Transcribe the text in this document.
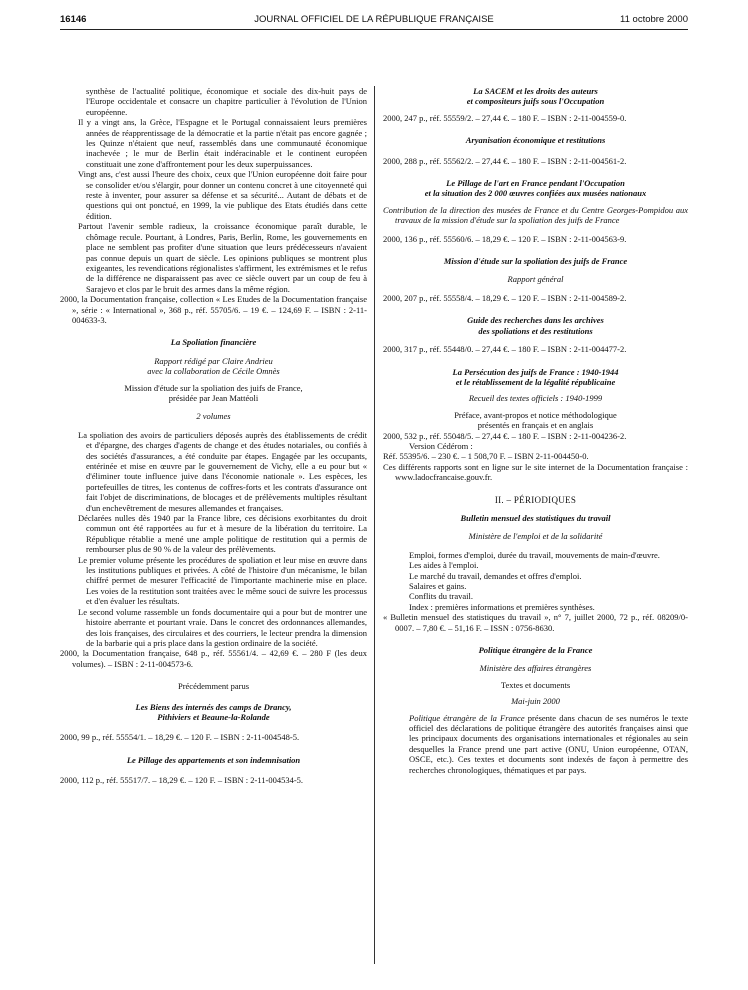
16146	JOURNAL OFFICIEL DE LA RÉPUBLIQUE FRANÇAISE	11 octobre 2000

synthèse de l'actualité politique, économique et sociale des dix-huit pays de l'Europe occidentale et consacre un chapitre particulier à l'évolution de l'Union européenne.

Il y a vingt ans, la Grèce, l'Espagne et le Portugal connaissaient leurs premières années de réapprentissage de la démocratie et la partie n'était pas encore gagnée ; les Quinze n'étaient que neuf, rassemblés dans une communauté économique inachevée ; le mur de Berlin était indéracinable et le continent européen constituait une zone d'affrontement pour les deux superpuissances.

Vingt ans, c'est aussi l'heure des choix, ceux que l'Union européenne doit faire pour se consolider et/ou s'élargir, pour donner un contenu concret à une citoyenneté qui reste à inventer, pour assurer sa défense et sa sécurité... Autant de débats et de questions qui ont ponctué, en 1999, la vie publique des Etats étudiés dans cette édition.

Partout l'avenir semble radieux, la croissance économique paraît durable, le chômage recule. Pourtant, à Londres, Paris, Berlin, Rome, les gouvernements en place ne semblent pas profiter d'une situation que leurs prédécesseurs n'avaient pas connue depuis un quart de siècle. Les opinions publiques se montrent plus exigeantes, les revendications régionalistes s'affirment, les extrémismes et le refus de la différence ne disparaissent pas avec ce siècle ouvert par un coup de feu à Sarajevo et clos par le bruit des armes dans la même région.

2000, la Documentation française, collection « Les Etudes de la Documentation française », série : « International », 368 p., réf. 55705/6. – 19 €. – 124,69 F. – ISBN : 2-11-004633-3.

La Spoliation financière

Rapport rédigé par Claire Andrieu

avec la collaboration de Cécile Omnès

Mission d'étude sur la spoliation des juifs de France,

présidée par Jean Mattéoli

2 volumes

La spoliation des avoirs de particuliers déposés auprès des établissements de crédit et d'épargne, des charges d'agents de change et des études notariales, ou confiés à des sociétés d'assurances, a été conduite par étapes. Engagée par les occupants, entérinée et mise en œuvre par le gouvernement de Vichy, elle a eu pour but « d'éliminer toute influence juive dans l'économie nationale ». Les espèces, les portefeuilles de titres, les contenus de coffres-forts et les contrats d'assurance ont fait l'objet de discriminations, de blocages et de prélèvements multiples résultant d'un enchevêtrement de mesures allemandes et françaises.

Déclarées nulles dès 1940 par la France libre, ces décisions exorbitantes du droit commun ont été rapportées au fur et à mesure de la libération du territoire. La République rétablie a mené une ample politique de restitution qui a permis de rembourser plus de 90 % de la valeur des prélèvements.

Le premier volume présente les procédures de spoliation et leur mise en œuvre dans les institutions publiques et privées. A côté de l'histoire d'un mécanisme, le bilan chiffré permet de mesurer l'efficacité de l'importante machinerie mise en place. Les voies de la restitution sont traitées avec le même souci de suivre les processus et d'en évaluer les résultats.

Le second volume rassemble un fonds documentaire qui a pour but de montrer une histoire aberrante et pourtant vraie. Dans le concret des ordonnances allemandes, des lois françaises, des circulaires et des courriers, le lecteur prendra la dimension de la barbarie qui a pris place dans la gestion ordinaire de la société.

2000, la Documentation française, 648 p., réf. 55561/4. – 42,69 €. – 280 F (les deux volumes). – ISBN : 2-11-004573-6.

Précédemment parus

Les Biens des internés des camps de Drancy,

Pithiviers et Beaune-la-Rolande

2000, 99 p., réf. 55554/1. – 18,29 €. – 120 F. – ISBN : 2-11-004548-5.

Le Pillage des appartements et son indemnisation

2000, 112 p., réf. 55517/7. – 18,29 €. – 120 F. – ISBN : 2-11-004534-5.

La SACEM et les droits des auteurs

et compositeurs juifs sous l'Occupation

2000, 247 p., réf. 55559/2. – 27,44 €. – 180 F. – ISBN : 2-11-004559-0.

Aryanisation économique et restitutions

2000, 288 p., réf. 55562/2. – 27,44 €. – 180 F. – ISBN : 2-11-004561-2.

Le Pillage de l'art en France pendant l'Occupation

et la situation des 2 000 œuvres confiées aux musées nationaux

Contribution de la direction des musées de France et du Centre Georges-Pompidou aux travaux de la mission d'étude sur la spoliation des juifs de France

2000, 136 p., réf. 55560/6. – 18,29 €. – 120 F. – ISBN : 2-11-004563-9.

Mission d'étude sur la spoliation des juifs de France

Rapport général

2000, 207 p., réf. 55558/4. – 18,29 €. – 120 F. – ISBN : 2-11-004589-2.

Guide des recherches dans les archives

des spoliations et des restitutions

2000, 317 p., réf. 55448/0. – 27,44 €. – 180 F. – ISBN : 2-11-004477-2.

La Persécution des juifs de France : 1940-1944

et le rétablissement de la légalité républicaine

Recueil des textes officiels : 1940-1999

Préface, avant-propos et notice méthodologique

présentés en français et en anglais

2000, 532 p., réf. 55048/5. – 27,44 €. – 180 F. – ISBN : 2-11-004236-2.

Version Cédérom :

Réf. 55395/6. – 230 €. – 1 508,70 F. – ISBN 2-11-004450-0.

Ces différents rapports sont en ligne sur le site internet de la Documentation française : www.ladocfrancaise.gouv.fr.

II. – PÉRIODIQUES

Bulletin mensuel des statistiques du travail

Ministère de l'emploi et de la solidarité

Emploi, formes d'emploi, durée du travail, mouvements de main-d'œuvre.

Les aides à l'emploi.

Le marché du travail, demandes et offres d'emploi.

Salaires et gains.

Conflits du travail.

Index : premières informations et premières synthèses.

« Bulletin mensuel des statistiques du travail », n° 7, juillet 2000, 72 p., réf. 08209/0-0007. – 7,80 €. – 51,16 F. – ISSN : 0756-8630.

Politique étrangère de la France

Ministère des affaires étrangères

Textes et documents

Mai-juin 2000

Politique étrangère de la France présente dans chacun de ses numéros le texte officiel des déclarations de politique étrangère des autorités françaises ainsi que les principaux documents des organisations internationales et régionales au sein desquelles la France prend une part active (ONU, Union européenne, OTAN, OSCE, etc.). Ces textes et documents sont indexés de façon à permettre des recherches chronologiques, thématiques et par pays.
